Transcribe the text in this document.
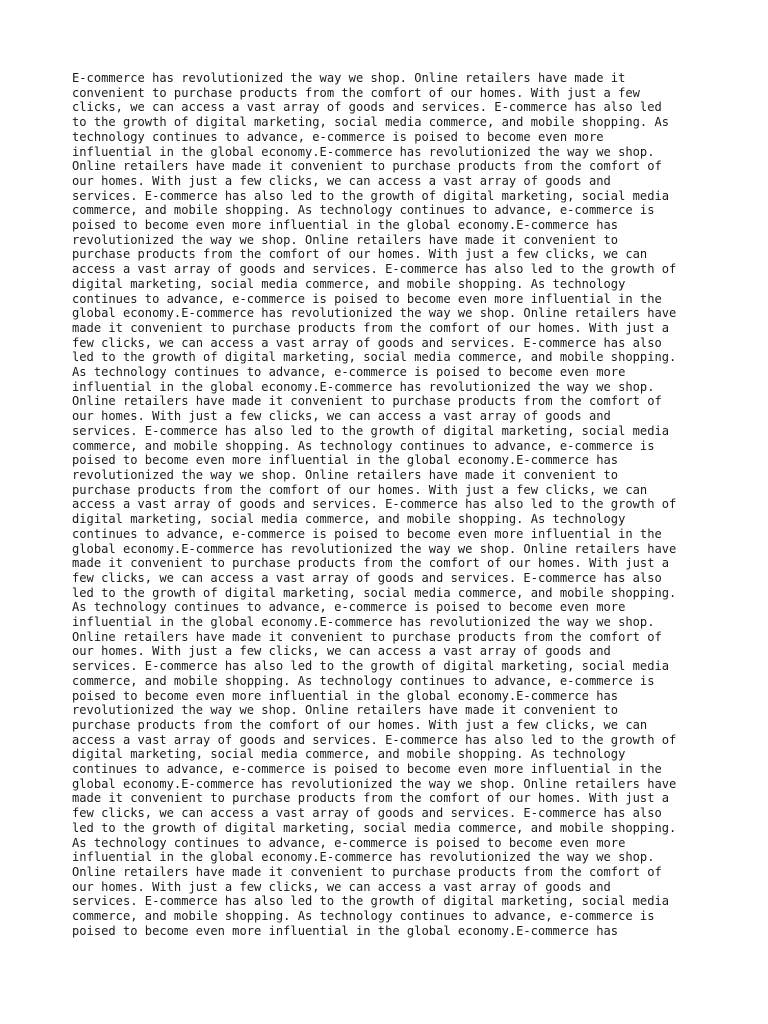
E-commerce has revolutionized the way we shop. Online retailers have made it
convenient to purchase products from the comfort of our homes. With just a few
clicks, we can access a vast array of goods and services. E-commerce has also led
to the growth of digital marketing, social media commerce, and mobile shopping. As
technology continues to advance, e-commerce is poised to become even more
influential in the global economy.E-commerce has revolutionized the way we shop.
Online retailers have made it convenient to purchase products from the comfort of
our homes. With just a few clicks, we can access a vast array of goods and
services. E-commerce has also led to the growth of digital marketing, social media
commerce, and mobile shopping. As technology continues to advance, e-commerce is
poised to become even more influential in the global economy.E-commerce has
revolutionized the way we shop. Online retailers have made it convenient to
purchase products from the comfort of our homes. With just a few clicks, we can
access a vast array of goods and services. E-commerce has also led to the growth of
digital marketing, social media commerce, and mobile shopping. As technology
continues to advance, e-commerce is poised to become even more influential in the
global economy.E-commerce has revolutionized the way we shop. Online retailers have
made it convenient to purchase products from the comfort of our homes. With just a
few clicks, we can access a vast array of goods and services. E-commerce has also
led to the growth of digital marketing, social media commerce, and mobile shopping.
As technology continues to advance, e-commerce is poised to become even more
influential in the global economy.E-commerce has revolutionized the way we shop.
Online retailers have made it convenient to purchase products from the comfort of
our homes. With just a few clicks, we can access a vast array of goods and
services. E-commerce has also led to the growth of digital marketing, social media
commerce, and mobile shopping. As technology continues to advance, e-commerce is
poised to become even more influential in the global economy.E-commerce has
revolutionized the way we shop. Online retailers have made it convenient to
purchase products from the comfort of our homes. With just a few clicks, we can
access a vast array of goods and services. E-commerce has also led to the growth of
digital marketing, social media commerce, and mobile shopping. As technology
continues to advance, e-commerce is poised to become even more influential in the
global economy.E-commerce has revolutionized the way we shop. Online retailers have
made it convenient to purchase products from the comfort of our homes. With just a
few clicks, we can access a vast array of goods and services. E-commerce has also
led to the growth of digital marketing, social media commerce, and mobile shopping.
As technology continues to advance, e-commerce is poised to become even more
influential in the global economy.E-commerce has revolutionized the way we shop.
Online retailers have made it convenient to purchase products from the comfort of
our homes. With just a few clicks, we can access a vast array of goods and
services. E-commerce has also led to the growth of digital marketing, social media
commerce, and mobile shopping. As technology continues to advance, e-commerce is
poised to become even more influential in the global economy.E-commerce has
revolutionized the way we shop. Online retailers have made it convenient to
purchase products from the comfort of our homes. With just a few clicks, we can
access a vast array of goods and services. E-commerce has also led to the growth of
digital marketing, social media commerce, and mobile shopping. As technology
continues to advance, e-commerce is poised to become even more influential in the
global economy.E-commerce has revolutionized the way we shop. Online retailers have
made it convenient to purchase products from the comfort of our homes. With just a
few clicks, we can access a vast array of goods and services. E-commerce has also
led to the growth of digital marketing, social media commerce, and mobile shopping.
As technology continues to advance, e-commerce is poised to become even more
influential in the global economy.E-commerce has revolutionized the way we shop.
Online retailers have made it convenient to purchase products from the comfort of
our homes. With just a few clicks, we can access a vast array of goods and
services. E-commerce has also led to the growth of digital marketing, social media
commerce, and mobile shopping. As technology continues to advance, e-commerce is
poised to become even more influential in the global economy.E-commerce has
